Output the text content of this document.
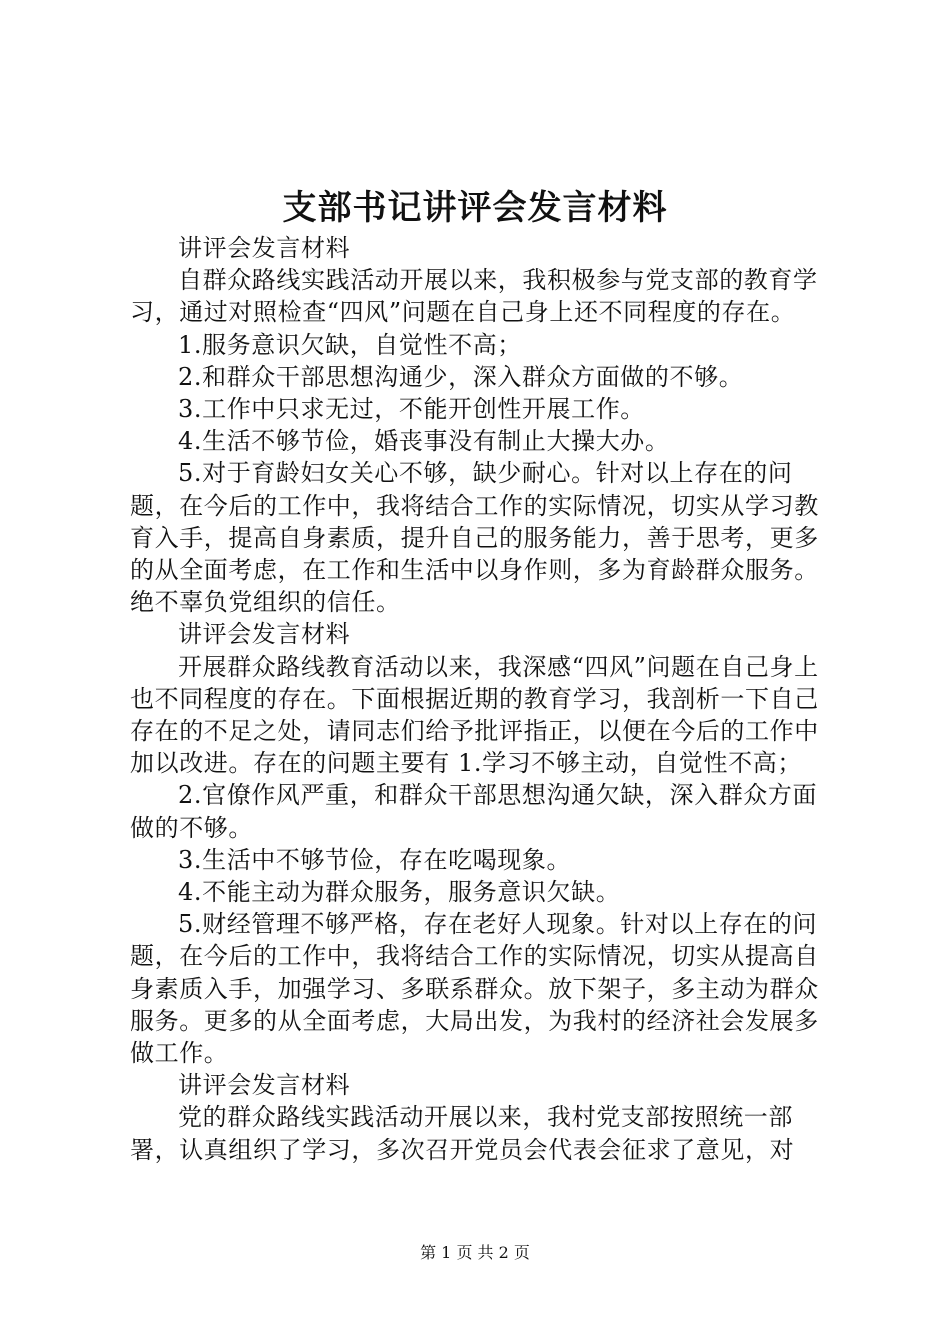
支部书记讲评会发言材料

讲评会发言材料

自群众路线实践活动开展以来，我积极参与党支部的教育学习，通过对照检查“四风”问题在自己身上还不同程度的存在。

1.服务意识欠缺，自觉性不高；

2.和群众干部思想沟通少，深入群众方面做的不够。

3.工作中只求无过，不能开创性开展工作。

4.生活不够节俭，婚丧事没有制止大操大办。

5.对于育龄妇女关心不够，缺少耐心。针对以上存在的问题，在今后的工作中，我将结合工作的实际情况，切实从学习教育入手，提高自身素质，提升自己的服务能力，善于思考，更多的从全面考虑，在工作和生活中以身作则，多为育龄群众服务。绝不辜负党组织的信任。

讲评会发言材料

开展群众路线教育活动以来，我深感“四风”问题在自己身上也不同程度的存在。下面根据近期的教育学习，我剖析一下自己存在的不足之处，请同志们给予批评指正，以便在今后的工作中加以改进。存在的问题主要有 1.学习不够主动，自觉性不高；

2.官僚作风严重，和群众干部思想沟通欠缺，深入群众方面做的不够。

3.生活中不够节俭，存在吃喝现象。

4.不能主动为群众服务，服务意识欠缺。

5.财经管理不够严格，存在老好人现象。针对以上存在的问题，在今后的工作中，我将结合工作的实际情况，切实从提高自身素质入手，加强学习、多联系群众。放下架子，多主动为群众服务。更多的从全面考虑，大局出发，为我村的经济社会发展多做工作。

讲评会发言材料

党的群众路线实践活动开展以来，我村党支部按照统一部署，认真组织了学习，多次召开党员会代表会征求了意见，对

第 1 页 共 2 页
